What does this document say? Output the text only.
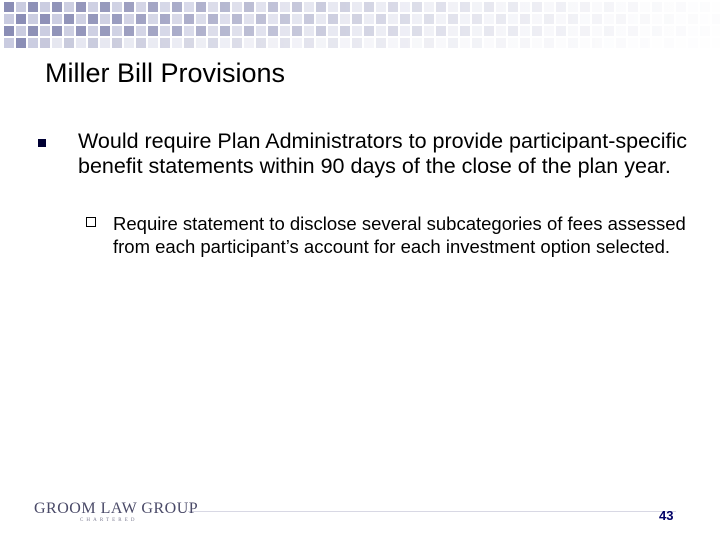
Miller Bill Provisions
Would require Plan Administrators to provide participant-specific benefit statements within 90 days of the close of the plan year.
Require statement to disclose several subcategories of fees assessed from each participant’s account for each investment option selected.
GROOM LAW GROUP
CHARTERED	43
